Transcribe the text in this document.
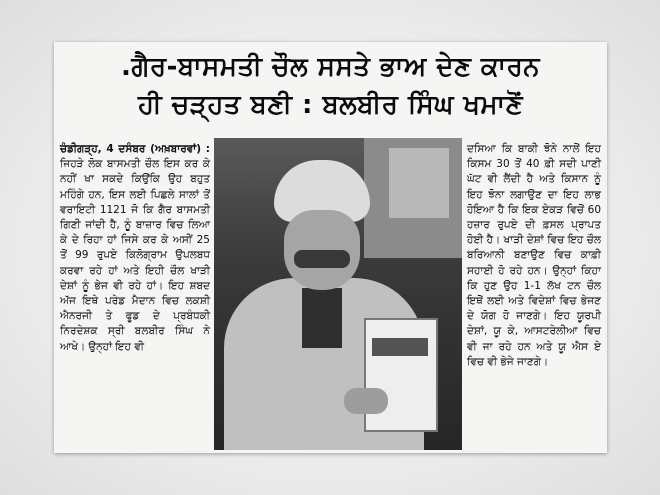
.ਗੈਰ-ਬਾਸਮਤੀ ਚੌਲ ਸਸਤੇ ਭਾਅ ਦੇਣ ਕਾਰਨ
ਹੀ ਚੜ੍ਹਤ ਬਣੀ : ਬਲਬੀਰ ਸਿੰਘ ਖਮਾਣੋਂ
ਚੰਡੀਗੜ੍ਹ, 4 ਦਸੰਬਰ (ਅਖ਼ਬਾਰਵਾਂ) : ਜਿਹੜੇ ਲੋਕ ਬਾਸਮਤੀ ਚੌਲ ਇਸ ਕਰ ਕੇ ਨਹੀਂ ਖਾ ਸਕਦੇ ਕਿਉਂਕਿ ਉਹ ਬਹੁਤ ਮਹਿੰਗੇ ਹਨ, ਇਸ ਲਈ ਪਿਛਲੇ ਸਾਲਾਂ ਤੋਂ ਵਰਾਇਟੀ 1121 ਜੋ ਕਿ ਗੈਰ ਬਾਸਮਤੀ ਗਿਣੀ ਜਾਂਦੀ ਹੈ, ਨੂੰ ਬਾਜ਼ਾਰ ਵਿਚ ਲਿਆ ਕੇ ਦੇ ਰਿਹਾ ਹਾਂ ਜਿਸੇ ਕਰ ਕੇ ਅਸੀਂ 25 ਤੋਂ 99 ਰੁਪਏ ਕਿਲੋਗ੍ਰਾਮ ਉਪਲਬਧ ਕਰਵਾ ਰਹੇ ਹਾਂ ਅਤੇ ਇਹੀ ਚੌਲ ਖਾੜੀ ਦੇਸ਼ਾਂ ਨੂੰ ਭੇਜ ਵੀ ਰਹੇ ਹਾਂ। ਇਹ ਸ਼ਬਦ ਅੱਜ ਇਥੇ ਪਰੇਡ ਮੈਦਾਨ ਵਿਚ ਲਕਸ਼ੀ ਐਨਰਜੀ ਤੇ ਫੂਡ ਦੇ ਪ੍ਰਬੰਧਕੀ ਨਿਰਦੇਸ਼ਕ ਸ੍ਰੀ ਬਲਬੀਰ ਸਿੰਘ ਨੇ ਆਖੇ। ਉਨ੍ਹਾਂ ਇਹ ਵੀ
ਦਸਿਆ ਕਿ ਬਾਕੀ ਝੋਨੇ ਨਾਲੋਂ ਇਹ ਕਿਸਮ 30 ਤੋਂ 40 ਫ਼ੀ ਸਦੀ ਪਾਣੀ ਘੱਟ ਵੀ ਲੈਂਦੀ ਹੈ ਅਤੇ ਕਿਸਾਨ ਨੂੰ ਇਹ ਝੋਨਾ ਲਗਾਉਣ ਦਾ ਇਹ ਲਾਭ ਹੋਇਆ ਹੈ ਕਿ ਇਕ ਏਕੜ ਵਿਚੋਂ 60 ਹਜ਼ਾਰ ਰੁਪਏ ਦੀ ਫ਼ਸਲ ਪ੍ਰਾਪਤ ਹੋਈ ਹੈ। ਖਾੜੀ ਦੇਸ਼ਾਂ ਵਿਚ ਇਹ ਚੌਲ ਬਰਿਆਨੀ ਬਣਾਉਣ ਵਿਚ ਕਾਫ਼ੀ ਸਹਾਈ ਹੋ ਰਹੇ ਹਨ। ਉਨ੍ਹਾਂ ਕਿਹਾ ਕਿ ਹੁਣ ਉਹ 1-1 ਲੱਖ ਟਨ ਚੌਲ ਇਥੋਂ ਲਈ ਅਤੇ ਵਿਦੇਸ਼ਾਂ ਵਿਚ ਭੇਜਣ ਦੇ ਯੋਗ ਹੋ ਜਾਣਗੇ। ਇਹ ਯੂਰਪੀ ਦੇਸ਼ਾਂ, ਯੂ ਕੇ, ਆਸਟਰੇਲੀਆ ਵਿਚ ਵੀ ਜਾ ਰਹੇ ਹਨ ਅਤੇ ਯੂ ਐਸ ਏ ਵਿਚ ਵੀ ਭੇਜੇ ਜਾਣਗੇ।
